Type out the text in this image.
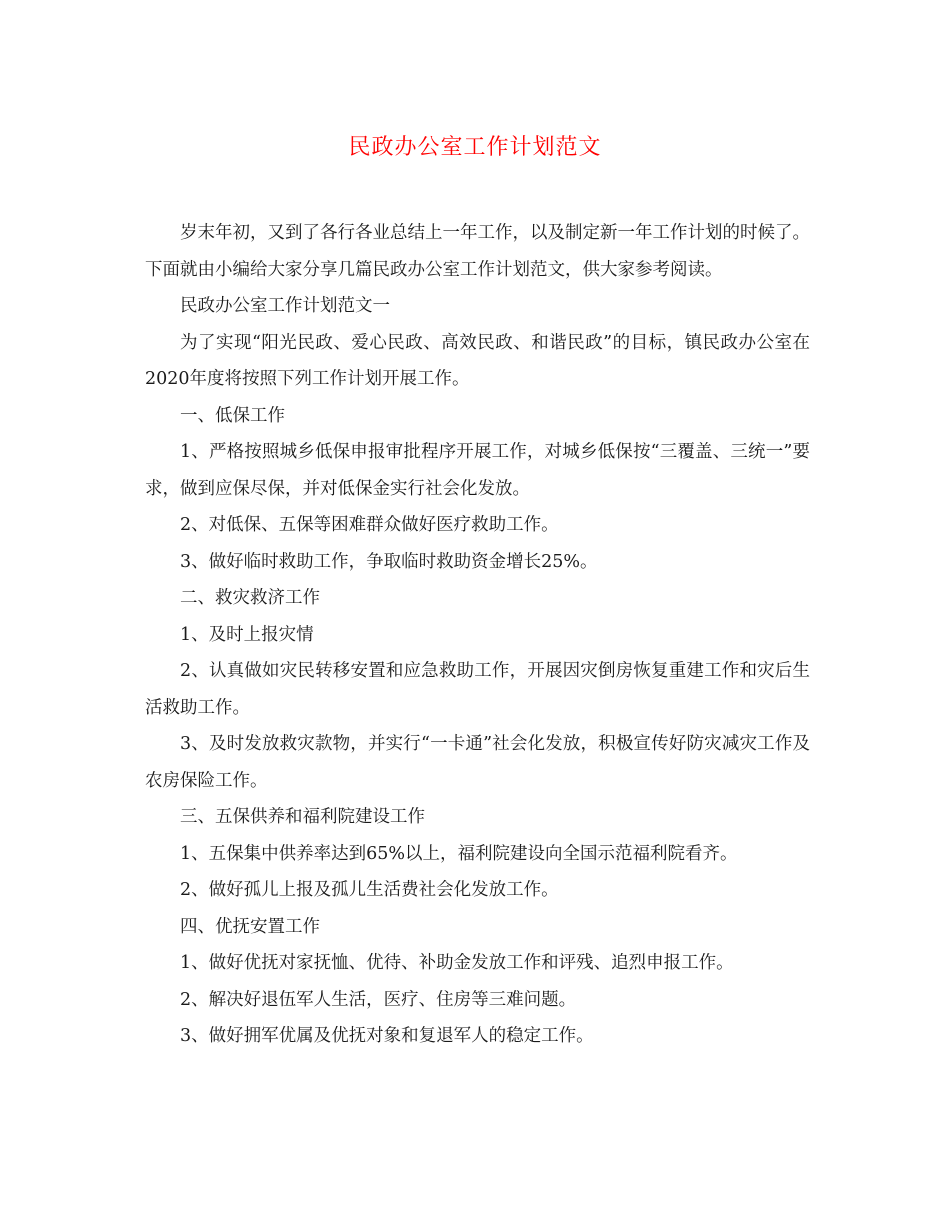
民政办公室工作计划范文

岁末年初，又到了各行各业总结上一年工作，以及制定新一年工作计划的时候了。下面就由小编给大家分享几篇民政办公室工作计划范文，供大家参考阅读。

民政办公室工作计划范文一

为了实现“阳光民政、爱心民政、高效民政、和谐民政”的目标，镇民政办公室在2020年度将按照下列工作计划开展工作。

一、低保工作

1、严格按照城乡低保申报审批程序开展工作，对城乡低保按“三覆盖、三统一”要求，做到应保尽保，并对低保金实行社会化发放。

2、对低保、五保等困难群众做好医疗救助工作。

3、做好临时救助工作，争取临时救助资金增长25%。

二、救灾救济工作

1、及时上报灾情

2、认真做如灾民转移安置和应急救助工作，开展因灾倒房恢复重建工作和灾后生活救助工作。

3、及时发放救灾款物，并实行“一卡通”社会化发放，积极宣传好防灾减灾工作及农房保险工作。

三、五保供养和福利院建设工作

1、五保集中供养率达到65%以上，福利院建设向全国示范福利院看齐。

2、做好孤儿上报及孤儿生活费社会化发放工作。

四、优抚安置工作

1、做好优抚对家抚恤、优待、补助金发放工作和评残、追烈申报工作。

2、解决好退伍军人生活，医疗、住房等三难问题。

3、做好拥军优属及优抚对象和复退军人的稳定工作。
